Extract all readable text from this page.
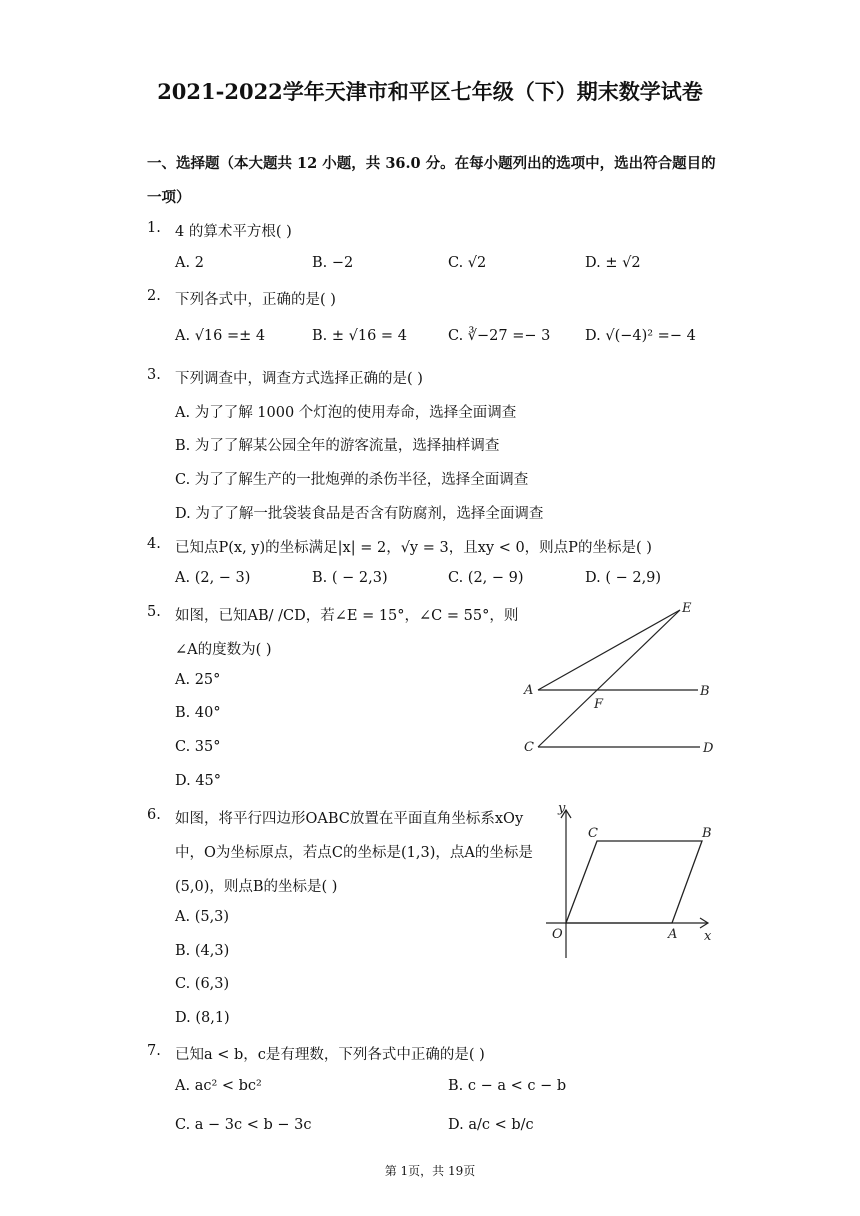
2021-2022学年天津市和平区七年级（下）期末数学试卷
一、选择题（本大题共 12 小题，共 36.0 分。在每小题列出的选项中，选出符合题目的
一项）
1. 4 的算术平方根( )
A. 2	B. −2	C. √2	D. ± √2
2. 下列各式中，正确的是( )
A. √16 =± 4	B. ± √16 = 4	C. ∛−27 =− 3 D. √(−4)² =− 4
3. 下列调查中，调查方式选择正确的是( )
A. 为了了解 1000 个灯泡的使用寿命，选择全面调查
B. 为了了解某公园全年的游客流量，选择抽样调查
C. 为了了解生产的一批炮弹的杀伤半径，选择全面调查
D. 为了了解一批袋装食品是否含有防腐剂，选择全面调查
4. 已知点P(x, y)的坐标满足|x| = 2，√y = 3，且xy < 0，则点P的坐标是( )
A. (2, − 3)	B. ( − 2,3)	C. (2, − 9)	D. ( − 2,9)
5. 如图，已知AB/ /CD，若∠E = 15°，∠C = 55°，则
∠A的度数为( )
A. 25°
B. 40°
C. 35°
D. 45°
E
A	B
F
C	D
6. 如图，将平行四边形OABC放置在平面直角坐标系xOy
中，O为坐标原点，若点C的坐标是(1,3)，点A的坐标是
(5,0)，则点B的坐标是( )
A. (5,3)
B. (4,3)
C. (6,3)
D. (8,1)
y
C	B
O	A x
7. 已知a < b，c是有理数，下列各式中正确的是( )
A. ac² < bc²	B. c − a < c − b
C. a − 3c < b − 3c	D. a/c < b/c
第 1页，共 19页
